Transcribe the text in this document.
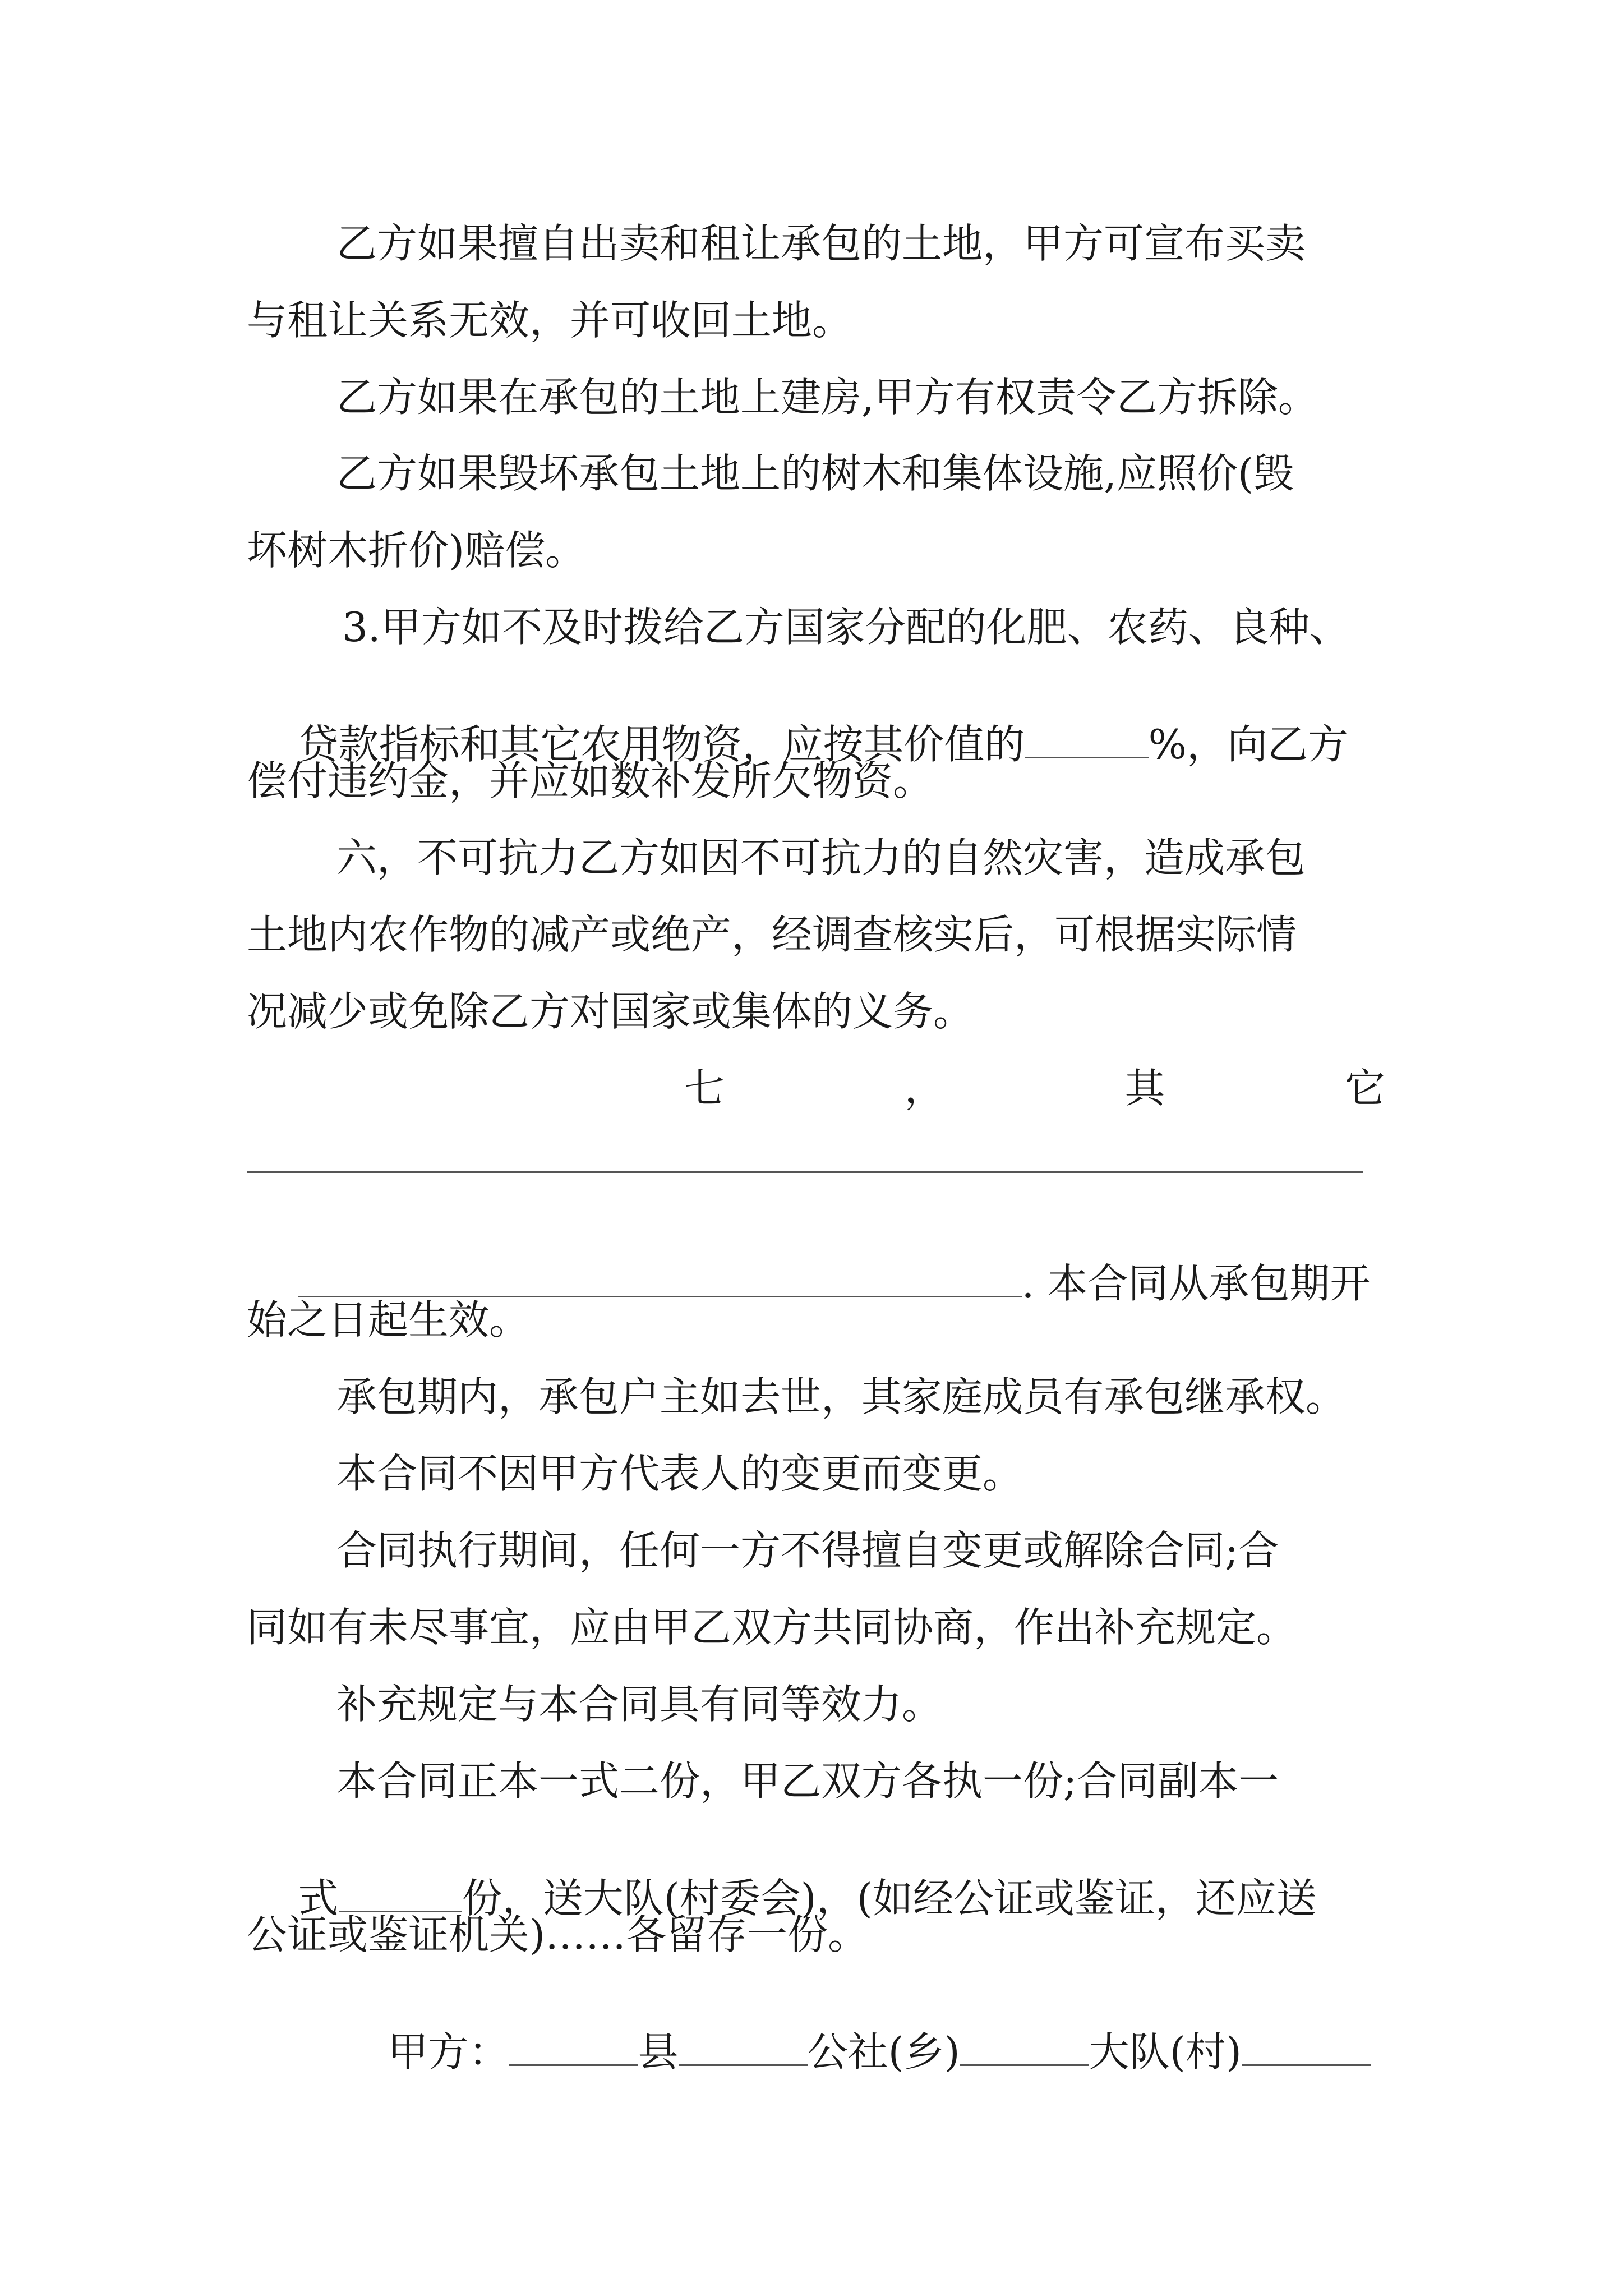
乙方如果擅自出卖和租让承包的土地，甲方可宣布买卖
与租让关系无效，并可收回土地。
乙方如果在承包的土地上建房,甲方有权责令乙方拆除。
乙方如果毁坏承包土地上的树木和集体设施,应照价(毁
坏树木折价)赔偿。
3.甲方如不及时拨给乙方国家分配的化肥、农药、良种、

贷款指标和其它农用物资，应按其价值的	%，向乙方

偿付违约金，并应如数补发所欠物资。
六，不可抗力乙方如因不可抗力的自然灾害，造成承包
土地内农作物的减产或绝产，经调查核实后，可根据实际情
况减少或免除乙方对国家或集体的义务。
七	，	其	它

. 本合同从承包期开

始之日起生效。
承包期内，承包户主如去世，其家庭成员有承包继承权。
本合同不因甲方代表人的变更而变更。
合同执行期间，任何一方不得擅自变更或解除合同;合
同如有未尽事宜，应由甲乙双方共同协商，作出补充规定。
补充规定与本合同具有同等效力。
本合同正本一式二份，甲乙双方各执一份;合同副本一

式	份，送大队(村委会)，(如经公证或鉴证，还应送

公证或鉴证机关)……各留存一份。

甲方：	县	公社(乡)	大队(村)
